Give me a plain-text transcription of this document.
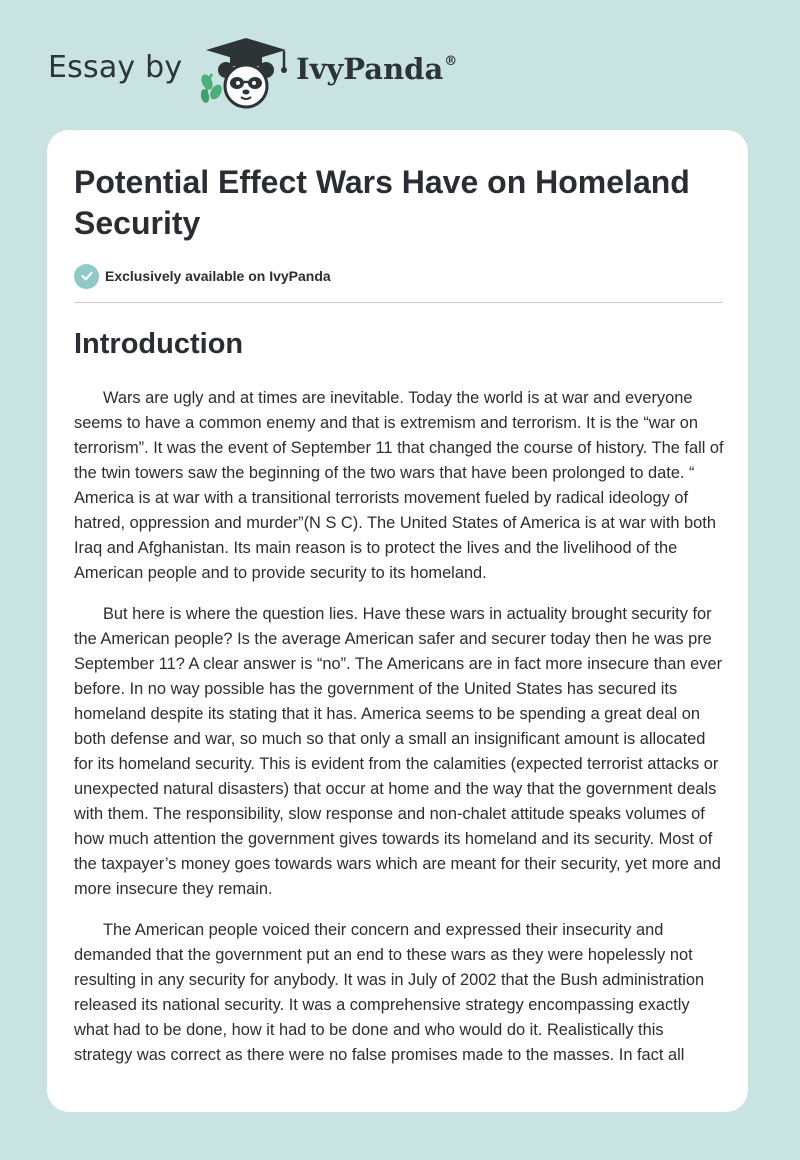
Essay by	IvyPanda®
Potential Effect Wars Have on Homeland Security
Exclusively available on IvyPanda
Introduction

Wars are ugly and at times are inevitable. Today the world is at war and everyone seems to have a common enemy and that is extremism and terrorism. It is the “war on terrorism”. It was the event of September 11 that changed the course of history. The fall of the twin towers saw the beginning of the two wars that have been prolonged to date. “ America is at war with a transitional terrorists movement fueled by radical ideology of hatred, oppression and murder”(N S C). The United States of America is at war with both Iraq and Afghanistan. Its main reason is to protect the lives and the livelihood of the American people and to provide security to its homeland.

But here is where the question lies. Have these wars in actuality brought security for the American people? Is the average American safer and securer today then he was pre September 11? A clear answer is “no”. The Americans are in fact more insecure than ever before. In no way possible has the government of the United States has secured its homeland despite its stating that it has. America seems to be spending a great deal on both defense and war, so much so that only a small an insignificant amount is allocated for its homeland security. This is evident from the calamities (expected terrorist attacks or unexpected natural disasters) that occur at home and the way that the government deals with them. The responsibility, slow response and non-chalet attitude speaks volumes of how much attention the government gives towards its homeland and its security. Most of the taxpayer’s money goes towards wars which are meant for their security, yet more and more insecure they remain.

The American people voiced their concern and expressed their insecurity and demanded that the government put an end to these wars as they were hopelessly not resulting in any security for anybody. It was in July of 2002 that the Bush administration released its national security. It was a comprehensive strategy encompassing exactly what had to be done, how it had to be done and who would do it. Realistically this strategy was correct as there were no false promises made to the masses. In fact all
